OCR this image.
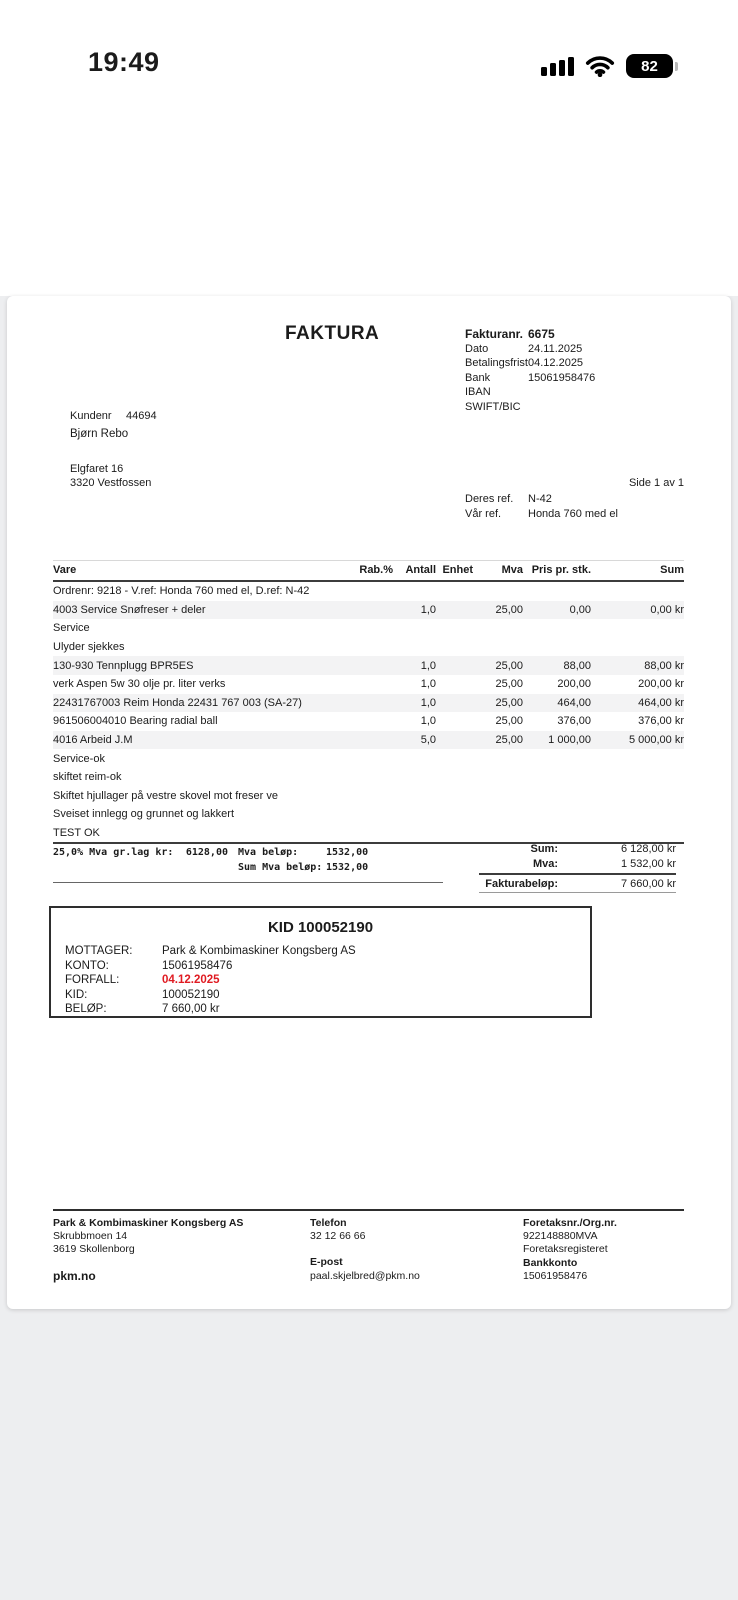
19:49	82
FAKTURA	Fakturanr. 6675
Dato	24.11.2025
Betalingsfrist 04.12.2025
Bank	15061958476
IBAN
SWIFT/BIC
Kundenr	44694
Bjørn Rebo
Elgfaret 16
3320 Vestfossen	Side 1 av 1
Deres ref.	N-42
Vår ref.	Honda 760 med el
Vare	Rab.%	Antall Enhet	Mva Pris pr. stk.	Sum
Ordrenr: 9218 - V.ref: Honda 760 med el, D.ref: N-42
4003 Service Snøfreser + deler	1,0	25,00	0,00	0,00 kr
Service
Ulyder sjekkes
130-930 Tennplugg BPR5ES	1,0	25,00	88,00	88,00 kr
verk Aspen 5w 30 olje pr. liter verks	1,0	25,00	200,00	200,00 kr
22431767003 Reim Honda 22431 767 003 (SA-27)	1,0	25,00	464,00	464,00 kr
961506004010 Bearing radial ball	1,0	25,00	376,00	376,00 kr
4016 Arbeid J.M	5,0	25,00	1 000,00	5 000,00 kr
Service-ok
skiftet reim-ok
Skiftet hjullager på vestre skovel mot freser ve
Sveiset innlegg og grunnet og lakkert
TEST OK
25,0% Mva gr.lag kr:	6128,00 Mva beløp:	1532,00
Sum Mva beløp: 1532,00
Sum:	6 128,00 kr
Mva:	1 532,00 kr
Fakturabeløp:	7 660,00 kr
KID 100052190
MOTTAGER:	Park & Kombimaskiner Kongsberg AS
KONTO:	15061958476
FORFALL:	04.12.2025
KID:	100052190
BELØP:	7 660,00 kr
Park & Kombimaskiner Kongsberg AS
Skrubbmoen 14
3619 Skollenborg
pkm.no
Telefon
32 12 66 66
E-post
paal.skjelbred@pkm.no
Foretaksnr./Org.nr.
922148880MVA
Foretaksregisteret
Bankkonto
15061958476
